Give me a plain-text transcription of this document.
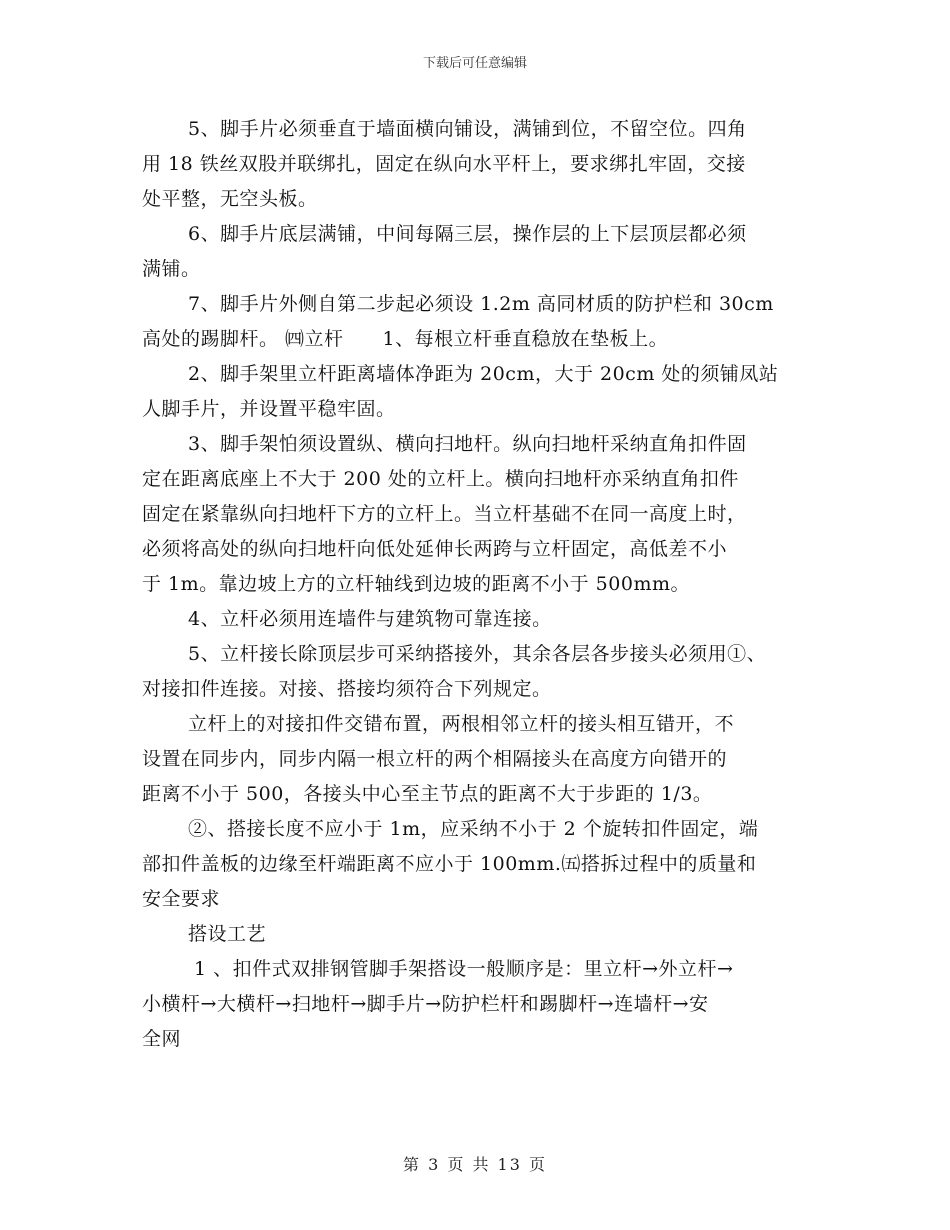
下载后可任意编辑
5、脚手片必须垂直于墙面横向铺设，满铺到位，不留空位。四角
用 18 铁丝双股并联绑扎，固定在纵向水平杆上，要求绑扎牢固，交接
处平整，无空头板。
6、脚手片底层满铺，中间每隔三层，操作层的上下层顶层都必须
满铺。
7、脚手片外侧自第二步起必须设 1.2m 高同材质的防护栏和 30cm
高处的踢脚杆。 ㈣立杆　　1、每根立杆垂直稳放在垫板上。
2、脚手架里立杆距离墙体净距为 20cm，大于 20cm 处的须铺凤站
人脚手片，并设置平稳牢固。
3、脚手架怕须设置纵、横向扫地杆。纵向扫地杆采纳直角扣件固
定在距离底座上不大于 200 处的立杆上。横向扫地杆亦采纳直角扣件
固定在紧靠纵向扫地杆下方的立杆上。当立杆基础不在同一高度上时，
必须将高处的纵向扫地杆向低处延伸长两跨与立杆固定，高低差不小
于 1m。靠边坡上方的立杆轴线到边坡的距离不小于 500mm。
4、立杆必须用连墙件与建筑物可靠连接。
5、立杆接长除顶层步可采纳搭接外，其余各层各步接头必须用①、
对接扣件连接。对接、搭接均须符合下列规定。
立杆上的对接扣件交错布置，两根相邻立杆的接头相互错开，不
设置在同步内，同步内隔一根立杆的两个相隔接头在高度方向错开的
距离不小于 500，各接头中心至主节点的距离不大于步距的 1/3。
②、搭接长度不应小于 1m，应采纳不小于 2 个旋转扣件固定，端
部扣件盖板的边缘至杆端距离不应小于 100mm.㈤搭拆过程中的质量和
安全要求
搭设工艺
1 、扣件式双排钢管脚手架搭设一般顺序是：里立杆→外立杆→
小横杆→大横杆→扫地杆→脚手片→防护栏杆和踢脚杆→连墙杆→安
全网
第 3 页 共 13 页
